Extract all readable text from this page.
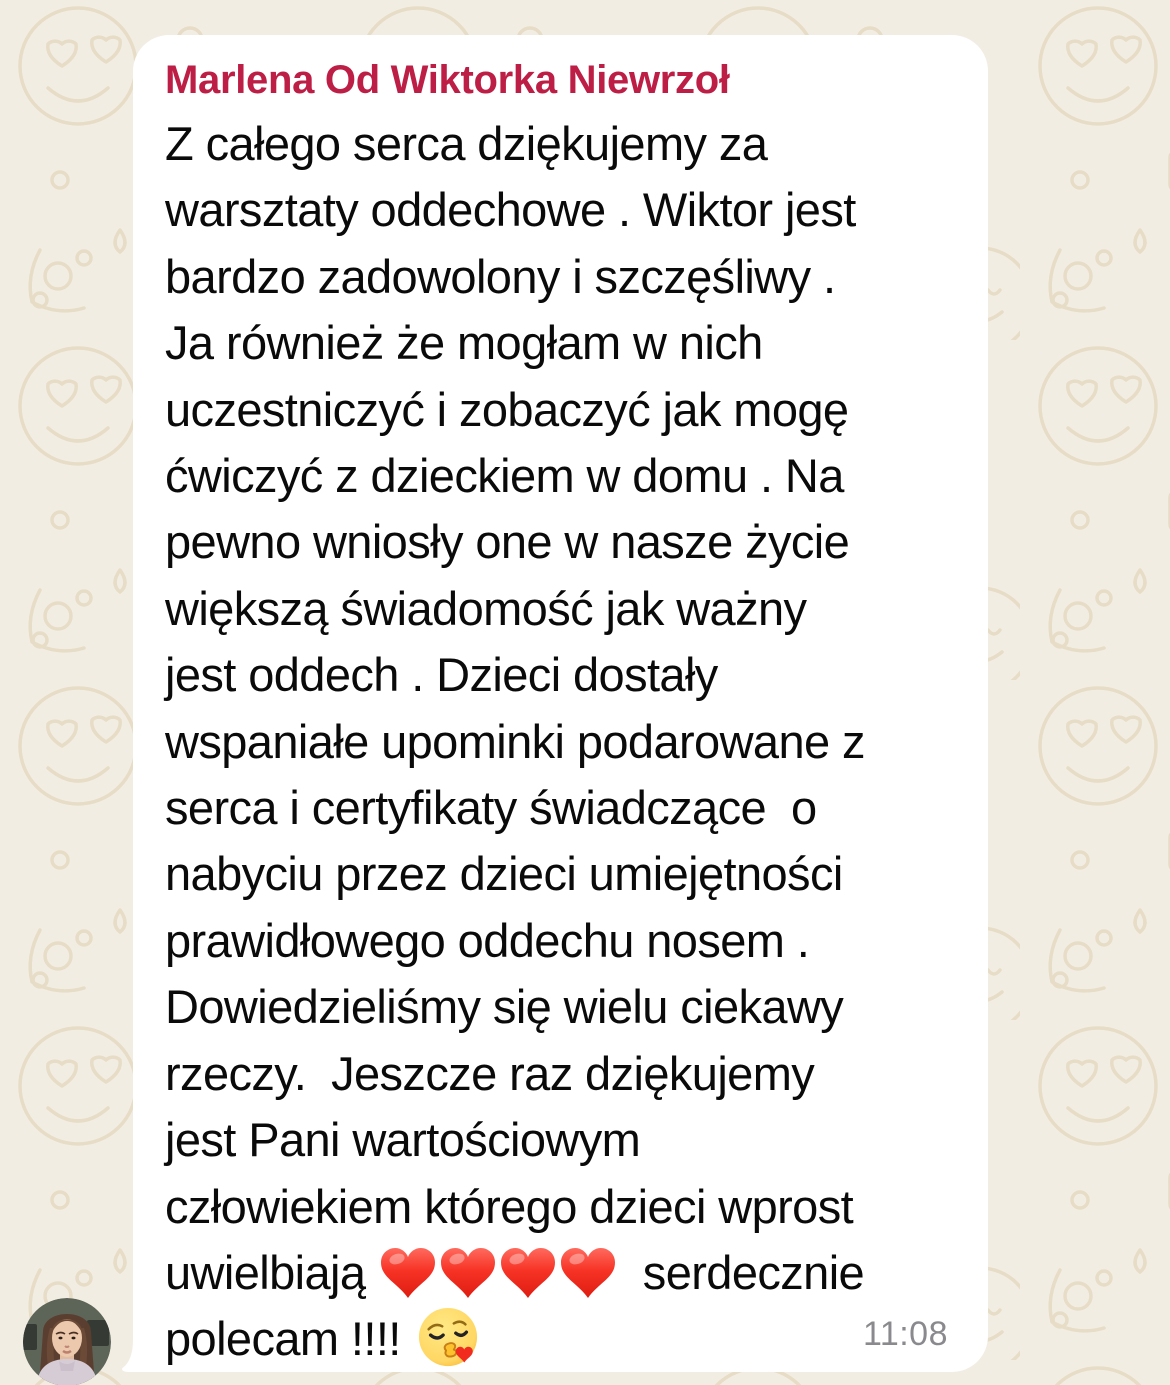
Marlena Od Wiktorka Niewrzoł
Z całego serca dziękujemy za
warsztaty oddechowe . Wiktor jest
bardzo zadowolony i szczęśliwy .
Ja również że mogłam w nich
uczestniczyć i zobaczyć jak mogę
ćwiczyć z dzieckiem w domu . Na
pewno wniosły one w nasze życie
większą świadomość jak ważny
jest oddech . Dzieci dostały
wspaniałe upominki podarowane z
serca i certyfikaty świadczące  o
nabyciu przez dzieci umiejętności
prawidłowego oddechu nosem .
Dowiedzieliśmy się wielu ciekawy
rzeczy.  Jeszcze raz dziękujemy
jest Pani wartościowym
człowiekiem którego dzieci wprost
uwielbiają	serdecznie
polecam !!!!	11:08
